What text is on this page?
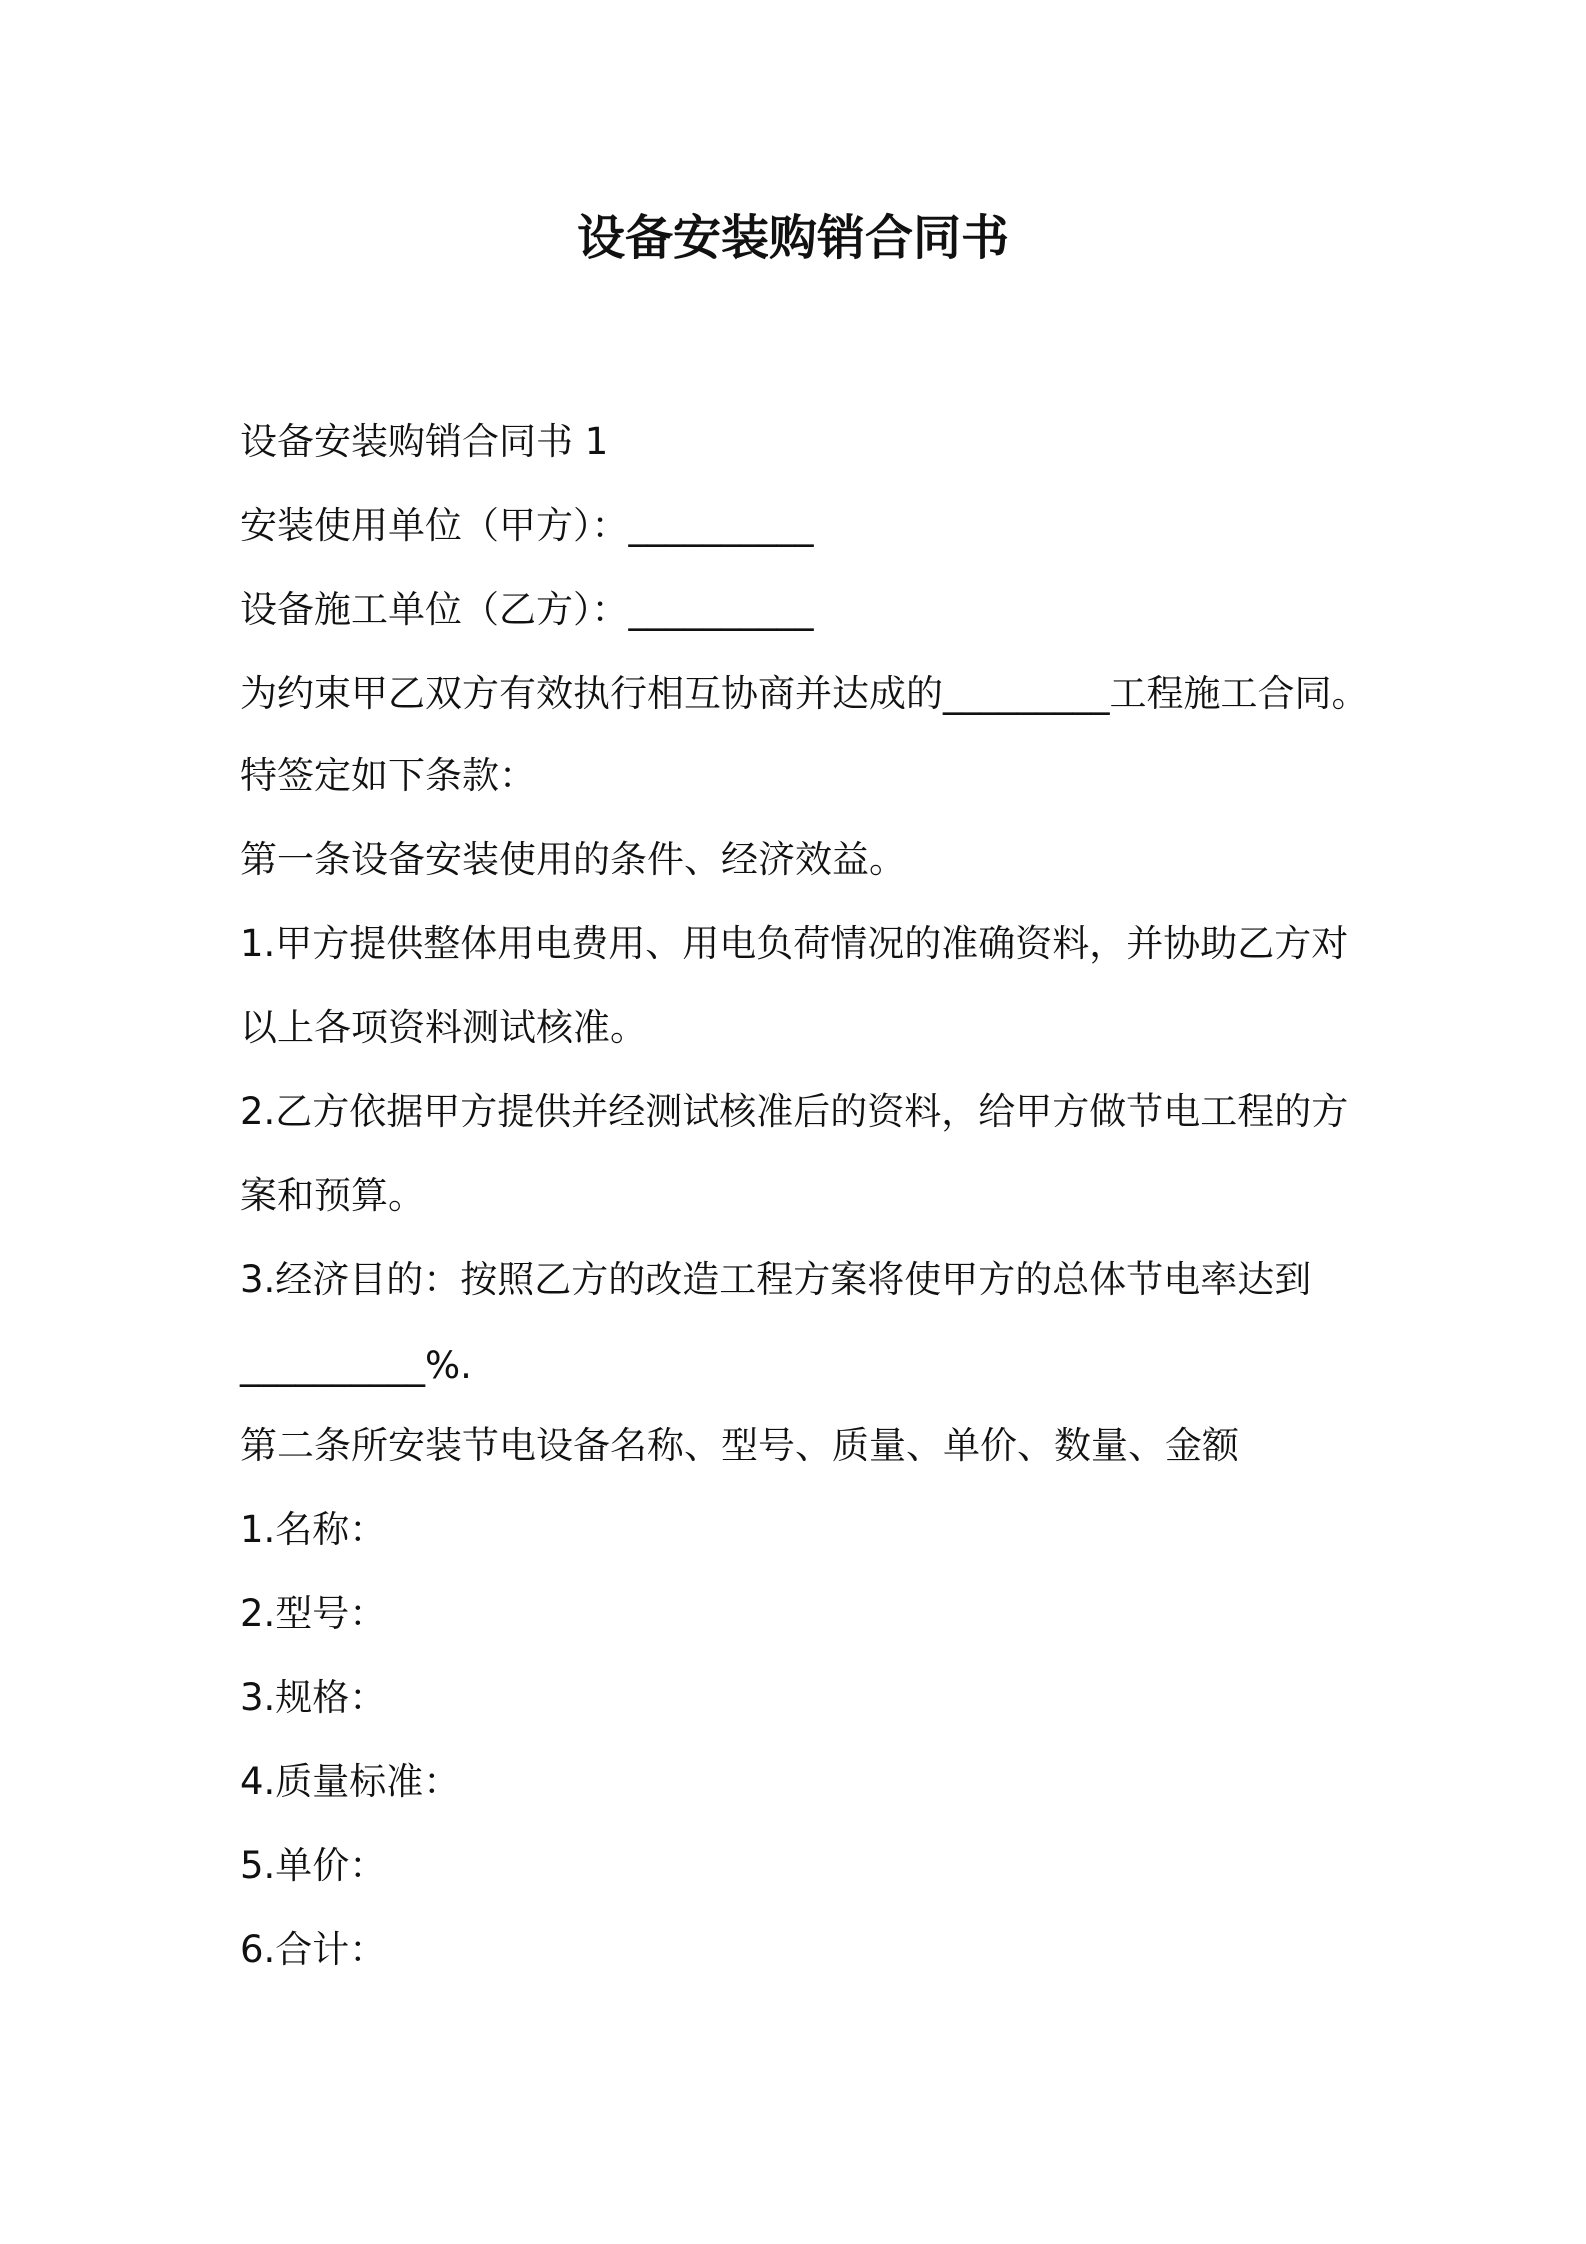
设备安装购销合同书
设备安装购销合同书 1
安装使用单位（甲方）：__________
设备施工单位（乙方）：__________
为约束甲乙双方有效执行相互协商并达成的_________工程施工合同。
特签定如下条款：
第一条设备安装使用的条件、经济效益。
1.甲方提供整体用电费用、用电负荷情况的准确资料，并协助乙方对
以上各项资料测试核准。
2.乙方依据甲方提供并经测试核准后的资料，给甲方做节电工程的方
案和预算。
3.经济目的：按照乙方的改造工程方案将使甲方的总体节电率达到
__________%.
第二条所安装节电设备名称、型号、质量、单价、数量、金额
1.名称：
2.型号：
3.规格：
4.质量标准：
5.单价：
6.合计：
